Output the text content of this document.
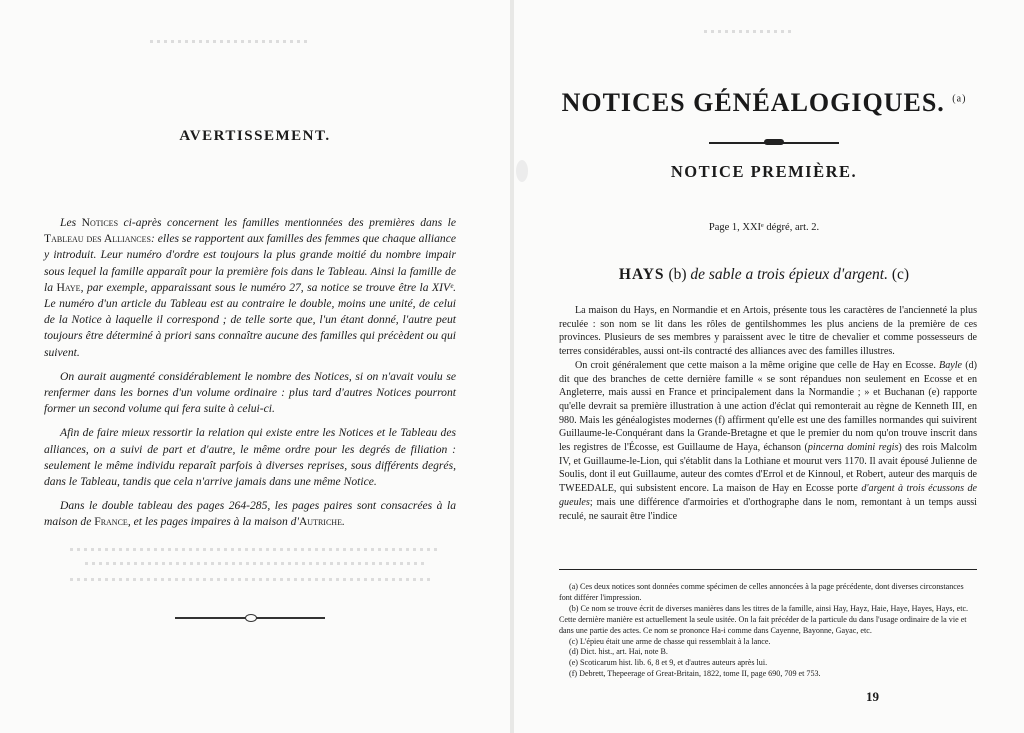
AVERTISSEMENT.

Les Notices ci-après concernent les familles mentionnées des premières dans le Tableau des Alliances: elles se rapportent aux familles des femmes que chaque alliance y introduit. Leur numéro d'ordre est toujours la plus grande moitié du nombre impair sous lequel la famille apparaît pour la première fois dans le Tableau. Ainsi la famille de la Haye, par exemple, apparaissant sous le numéro 27, sa notice se trouve être la XIVᵉ. Le numéro d'un article du Tableau est au contraire le double, moins une unité, de celui de la Notice à laquelle il correspond ; de telle sorte que, l'un étant donné, l'autre peut toujours être déterminé à priori sans connaître aucune des familles qui précèdent ou qui suivent.

On aurait augmenté considérablement le nombre des Notices, si on n'avait voulu se renfermer dans les bornes d'un volume ordinaire : plus tard d'autres Notices pourront former un second volume qui fera suite à celui-ci.

Afin de faire mieux ressortir la relation qui existe entre les Notices et le Tableau des alliances, on a suivi de part et d'autre, le même ordre pour les degrés de filiation : seulement le même individu reparaît parfois à diverses reprises, sous différents degrés, dans le Tableau, tandis que cela n'arrive jamais dans une même Notice.

Dans le double tableau des pages 264-285, les pages paires sont consacrées à la maison de France, et les pages impaires à la maison d'Autriche.

NOTICES GÉNÉALOGIQUES. $^{(a)}$
NOTICE PREMIÈRE.
Page 1, XXIᵉ dégré, art. 2.
HAYS (b) de sable a trois épieux d'argent. (c)

La maison du Hays, en Normandie et en Artois, présente tous les caractères de l'ancienneté la plus reculée : son nom se lit dans les rôles de gentilshommes les plus anciens de la première de ces provinces. Plusieurs de ses membres y paraissent avec le titre de chevalier et comme possesseurs de terres considérables, aussi ont-ils contracté des alliances avec des familles illustres.

On croit généralement que cette maison a la même origine que celle de Hay en Ecosse. Bayle (d) dit que des branches de cette dernière famille « se sont répandues non seulement en Ecosse et en Angleterre, mais aussi en France et principalement dans la Normandie ; » et Buchanan (e) rapporte qu'elle devrait sa première illustration à une action d'éclat qui remonterait au règne de Kenneth III, en 980. Mais les généalogistes modernes (f) affirment qu'elle est une des familles normandes qui suivirent Guillaume-le-Conquérant dans la Grande-Bretagne et que le premier du nom qu'on trouve inscrit dans les registres de l'Écosse, est Guillaume de Haya, échanson (pincerna domini regis) des rois Malcolm IV, et Guillaume-le-Lion, qui s'établit dans la Lothiane et mourut vers 1170. Il avait épousé Julienne de Soulis, dont il eut Guillaume, auteur des comtes d'Errol et de Kinnoul, et Robert, auteur des marquis de TWEEDALE, qui subsistent encore. La maison de Hay en Ecosse porte d'argent à trois écussons de gueules; mais une différence d'armoiries et d'orthographe dans le nom, remontant à un temps aussi reculé, ne saurait être l'indice

(a) Ces deux notices sont données comme spécimen de celles annoncées à la page précédente, dont diverses circonstances font différer l'impression.
(b) Ce nom se trouve écrit de diverses manières dans les titres de la famille, ainsi Hay, Hayz, Haie, Haye, Hayes, Hays, etc. Cette dernière manière est actuellement la seule usitée. On la fait précéder de la particule du dans l'usage ordinaire de la vie et dans une partie des actes. Ce nom se prononce Ha-i comme dans Cayenne, Bayonne, Gayac, etc.
(c) L'épieu était une arme de chasse qui ressemblait à la lance.
(d) Dict. hist., art. Hai, note B.
(e) Scoticarum hist. lib. 6, 8 et 9, et d'autres auteurs après lui.
(f) Debrett, Thepeerage of Great-Britain, 1822, tome II, page 690, 709 et 753.
19
